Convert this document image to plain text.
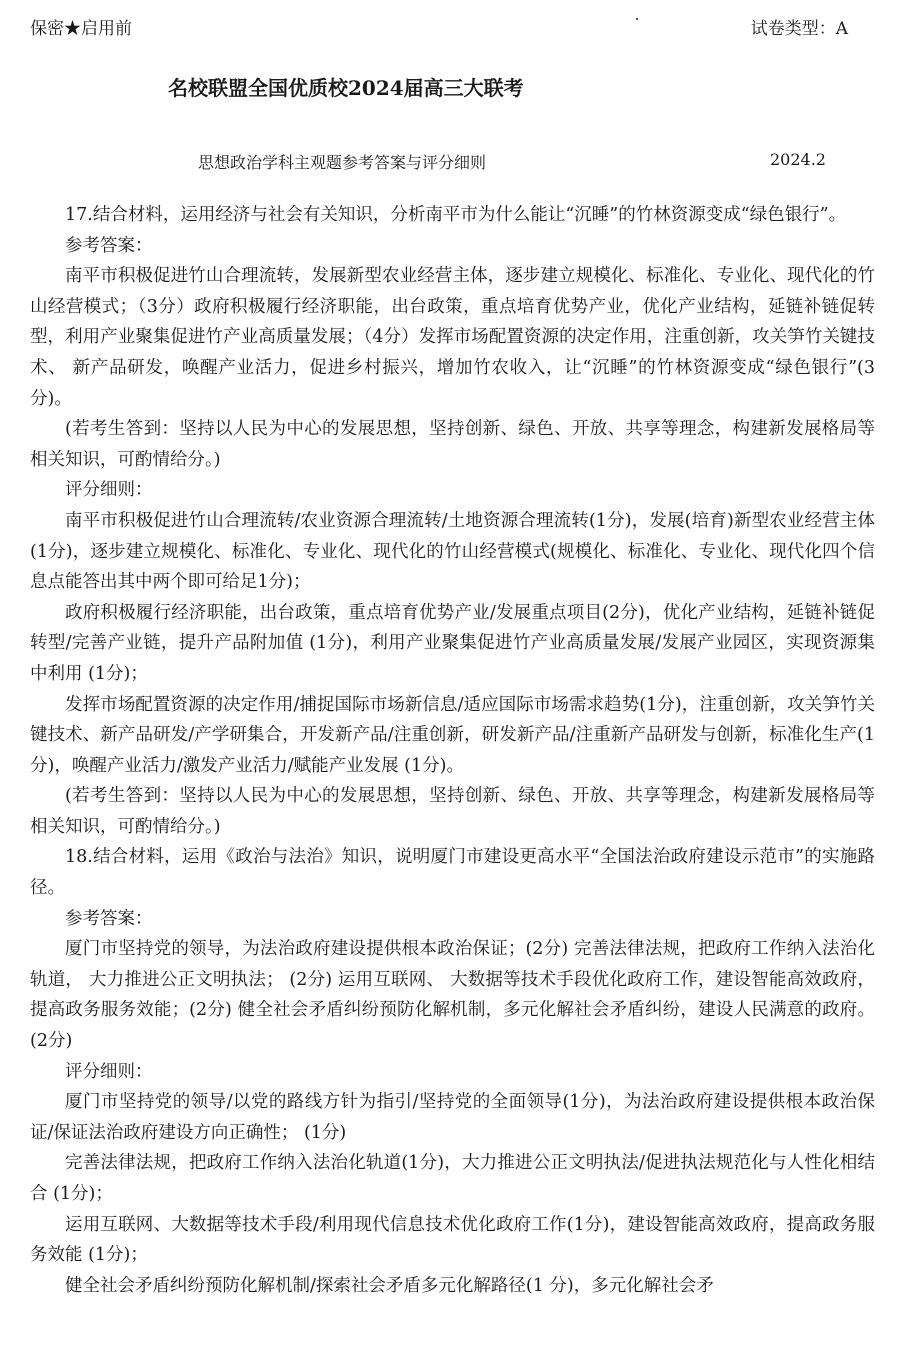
保密★启用前	试卷类型：A
名校联盟全国优质校2024届高三大联考
思想政治学科主观题参考答案与评分细则	2024.2

17.结合材料，运用经济与社会有关知识，分析南平市为什么能让“沉睡”的竹林资源变成“绿色银行”。

参考答案：

南平市积极促进竹山合理流转，发展新型农业经营主体，逐步建立规模化、标准化、专业化、现代化的竹山经营模式；（3分）政府积极履行经济职能，出台政策，重点培育优势产业，优化产业结构，延链补链促转型，利用产业聚集促进竹产业高质量发展；（4分）发挥市场配置资源的决定作用，注重创新，攻关笋竹关键技术、 新产品研发，唤醒产业活力，促进乡村振兴，增加竹农收入，让“沉睡”的竹林资源变成“绿色银行”(3分)。

(若考生答到：坚持以人民为中心的发展思想，坚持创新、绿色、开放、共享等理念，构建新发展格局等相关知识，可酌情给分。)

评分细则：

南平市积极促进竹山合理流转/农业资源合理流转/土地资源合理流转(1分)，发展(培育)新型农业经营主体(1分)，逐步建立规模化、标准化、专业化、现代化的竹山经营模式(规模化、标准化、专业化、现代化四个信息点能答出其中两个即可给足1分)；

政府积极履行经济职能，出台政策，重点培育优势产业/发展重点项目(2分)，优化产业结构，延链补链促转型/完善产业链，提升产品附加值 (1分)，利用产业聚集促进竹产业高质量发展/发展产业园区，实现资源集中利用 (1分)；

发挥市场配置资源的决定作用/捕捉国际市场新信息/适应国际市场需求趋势(1分)，注重创新，攻关笋竹关键技术、新产品研发/产学研集合，开发新产品/注重创新，研发新产品/注重新产品研发与创新，标准化生产(1分)，唤醒产业活力/激发产业活力/赋能产业发展 (1分)。

(若考生答到：坚持以人民为中心的发展思想，坚持创新、绿色、开放、共享等理念，构建新发展格局等相关知识，可酌情给分。)

18.结合材料，运用《政治与法治》知识，说明厦门市建设更高水平“全国法治政府建设示范市”的实施路径。

参考答案：

厦门市坚持党的领导，为法治政府建设提供根本政治保证；(2分) 完善法律法规，把政府工作纳入法治化轨道， 大力推进公正文明执法； (2分) 运用互联网、 大数据等技术手段优化政府工作，建设智能高效政府，提高政务服务效能；(2分) 健全社会矛盾纠纷预防化解机制，多元化解社会矛盾纠纷，建设人民满意的政府。 (2分)

评分细则：

厦门市坚持党的领导/以党的路线方针为指引/坚持党的全面领导(1分)，为法治政府建设提供根本政治保证/保证法治政府建设方向正确性； (1分)

完善法律法规，把政府工作纳入法治化轨道(1分)，大力推进公正文明执法/促进执法规范化与人性化相结合 (1分)；

运用互联网、大数据等技术手段/利用现代信息技术优化政府工作(1分)，建设智能高效政府，提高政务服务效能 (1分)；

健全社会矛盾纠纷预防化解机制/探索社会矛盾多元化解路径(1 分)，多元化解社会矛
